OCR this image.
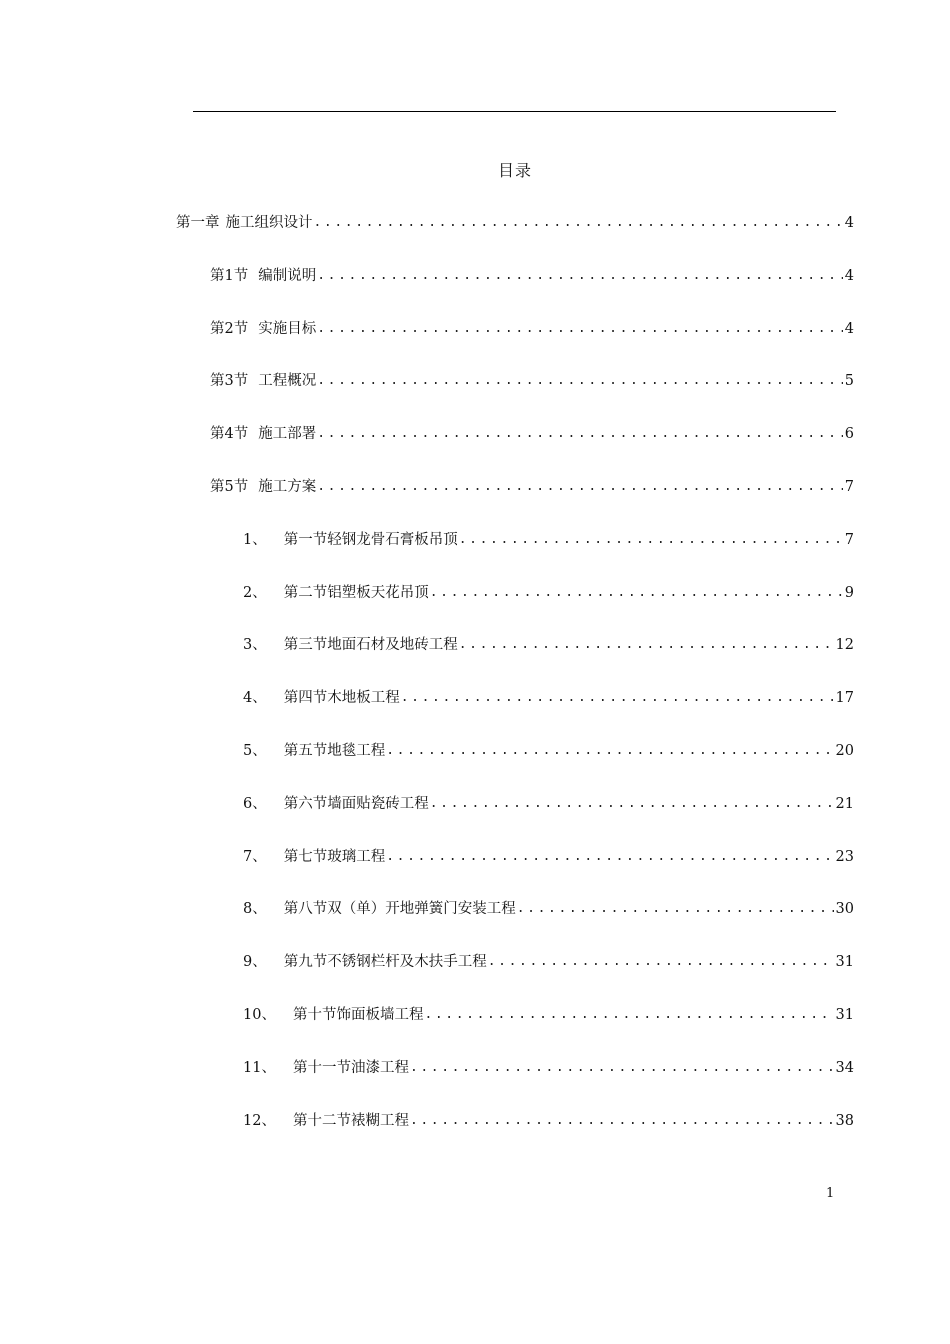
目录
第一章 施工组织设计 .....	4
第1节 编制说明 .....	4
第2节 实施目标 .....	4
第3节 工程概况 .....	5
第4节 施工部署 .....	6
第5节 施工方案 .....	7
1、 第一节轻钢龙骨石膏板吊顶 .....	7
2、 第二节铝塑板天花吊顶 .....	9
3、 第三节地面石材及地砖工程 .....	12
4、 第四节木地板工程 .....	17
5、 第五节地毯工程 .....	20
6、 第六节墙面贴瓷砖工程 .....	21
7、 第七节玻璃工程 .....	23
8、 第八节双（单）开地弹簧门安装工程 .....	30
9、 第九节不锈钢栏杆及木扶手工程 .....	31
10、 第十节饰面板墙工程 .....	31
11、 第十一节油漆工程 .....	34
12、 第十二节裱糊工程 .....	38
1
